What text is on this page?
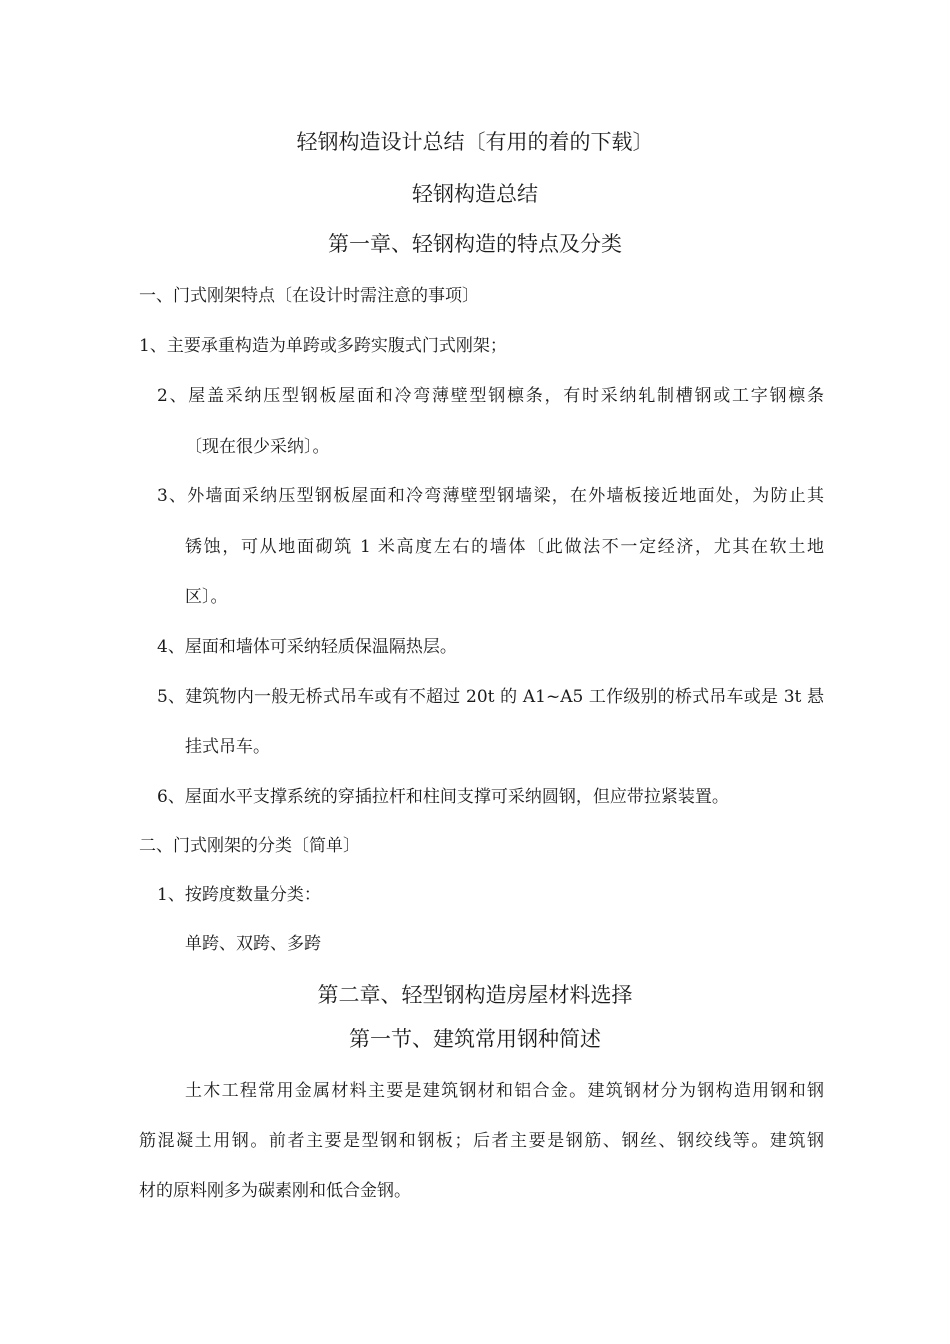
轻钢构造设计总结〔有用的着的下载〕
轻钢构造总结
第一章、轻钢构造的特点及分类
一、门式刚架特点〔在设计时需注意的事项〕
1、主要承重构造为单跨或多跨实腹式门式刚架；
2、屋盖采纳压型钢板屋面和冷弯薄壁型钢檩条，有时采纳轧制槽钢或工字钢檩条
〔现在很少采纳〕。
3、外墙面采纳压型钢板屋面和冷弯薄壁型钢墙梁，在外墙板接近地面处，为防止其
锈蚀，可从地面砌筑 1 米高度左右的墙体〔此做法不一定经济，尤其在软土地
区〕。
4、屋面和墙体可采纳轻质保温隔热层。
5、建筑物内一般无桥式吊车或有不超过 20t 的 A1~A5 工作级别的桥式吊车或是 3t 悬
挂式吊车。
6、屋面水平支撑系统的穿插拉杆和柱间支撑可采纳圆钢，但应带拉紧装置。
二、门式刚架的分类〔简单〕
1、按跨度数量分类：
单跨、双跨、多跨
第二章、轻型钢构造房屋材料选择
第一节、建筑常用钢种简述
土木工程常用金属材料主要是建筑钢材和铝合金。建筑钢材分为钢构造用钢和钢
筋混凝土用钢。前者主要是型钢和钢板；后者主要是钢筋、钢丝、钢绞线等。建筑钢
材的原料刚多为碳素刚和低合金钢。
